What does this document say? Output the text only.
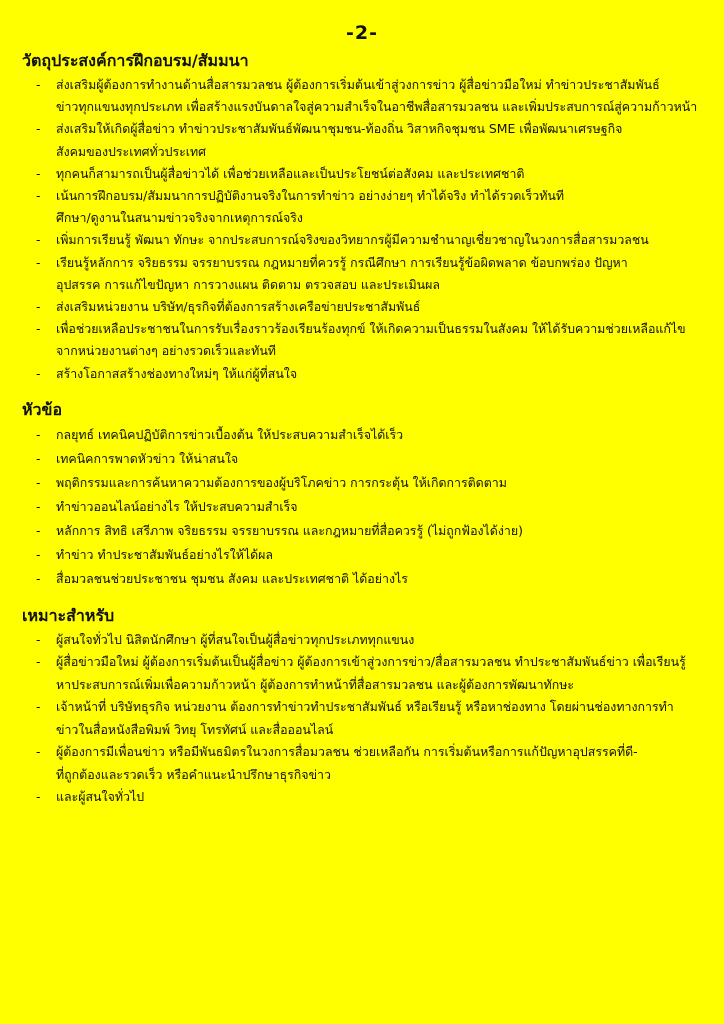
-2-
วัตถุประสงค์การฝึกอบรม/สัมมนา
- ส่งเสริมผู้ต้องการทำงานด้านสื่อสารมวลชน ผู้ต้องการเริ่มต้นเข้าสู่วงการข่าว ผู้สื่อข่าวมือใหม่ ทำข่าวประชาสัมพันธ์
ข่าวทุกแขนงทุกประเภท เพื่อสร้างแรงบันดาลใจสู่ความสำเร็จในอาชีพสื่อสารมวลชน และเพิ่มประสบการณ์สู่ความก้าวหน้า
- ส่งเสริมให้เกิดผู้สื่อข่าว ทำข่าวประชาสัมพันธ์พัฒนาชุมชน-ท้องถิ่น วิสาหกิจชุมชน SME เพื่อพัฒนาเศรษฐกิจ
สังคมของประเทศทั่วประเทศ
- ทุกคนก็สามารถเป็นผู้สื่อข่าวได้ เพื่อช่วยเหลือและเป็นประโยชน์ต่อสังคม และประเทศชาติ
- เน้นการฝึกอบรม/สัมมนาการปฏิบัติงานจริงในการทำข่าว อย่างง่ายๆ ทำได้จริง ทำได้รวดเร็วทันที
ศึกษา/ดูงานในสนามข่าวจริงจากเหตุการณ์จริง
- เพิ่มการเรียนรู้ พัฒนา ทักษะ จากประสบการณ์จริงของวิทยากรผู้มีความชำนาญเชี่ยวชาญในวงการสื่อสารมวลชน
- เรียนรู้หลักการ จริยธรรม จรรยาบรรณ กฎหมายที่ควรรู้ กรณีศึกษา การเรียนรู้ข้อผิดพลาด ข้อบกพร่อง ปัญหา
อุปสรรค การแก้ไขปัญหา การวางแผน ติดตาม ตรวจสอบ และประเมินผล
- ส่งเสริมหน่วยงาน บริษัท/ธุรกิจที่ต้องการสร้างเครือข่ายประชาสัมพันธ์
- เพื่อช่วยเหลือประชาชนในการรับเรื่องราวร้องเรียนร้องทุกข์ ให้เกิดความเป็นธรรมในสังคม ให้ได้รับความช่วยเหลือแก้ไข
จากหน่วยงานต่างๆ อย่างรวดเร็วและทันที
- สร้างโอกาสสร้างช่องทางใหม่ๆ ให้แก่ผู้ที่สนใจ
หัวข้อ
- กลยุทธ์ เทคนิคปฏิบัติการข่าวเบื้องต้น ให้ประสบความสำเร็จได้เร็ว
- เทคนิคการพาดหัวข่าว ให้น่าสนใจ
- พฤติกรรมและการค้นหาความต้องการของผู้บริโภคข่าว การกระตุ้น ให้เกิดการติดตาม
- ทำข่าวออนไลน์อย่างไร ให้ประสบความสำเร็จ
- หลักการ สิทธิ เสรีภาพ จริยธรรม จรรยาบรรณ และกฎหมายที่สื่อควรรู้ (ไม่ถูกฟ้องได้ง่าย)
- ทำข่าว ทำประชาสัมพันธ์อย่างไรให้ได้ผล
- สื่อมวลชนช่วยประชาชน ชุมชน สังคม และประเทศชาติ ได้อย่างไร
เหมาะสำหรับ
- ผู้สนใจทั่วไป นิสิตนักศึกษา ผู้ที่สนใจเป็นผู้สื่อข่าวทุกประเภททุกแขนง
- ผู้สื่อข่าวมือใหม่ ผู้ต้องการเริ่มต้นเป็นผู้สื่อข่าว ผู้ต้องการเข้าสู่วงการข่าว/สื่อสารมวลชน ทำประชาสัมพันธ์ข่าว เพื่อเรียนรู้
หาประสบการณ์เพิ่มเพื่อความก้าวหน้า ผู้ต้องการทำหน้าที่สื่อสารมวลชน และผู้ต้องการพัฒนาทักษะ
- เจ้าหน้าที่ บริษัทธุรกิจ หน่วยงาน ต้องการทำข่าวทำประชาสัมพันธ์ หรือเรียนรู้ หรือหาช่องทาง โดยผ่านช่องทางการทำ
ข่าวในสื่อหนังสือพิมพ์ วิทยุ โทรทัศน์ และสื่อออนไลน์
- ผู้ต้องการมีเพื่อนข่าว หรือมีพันธมิตรในวงการสื่อมวลชน ช่วยเหลือกัน การเริ่มต้นหรือการแก้ปัญหาอุปสรรคที่ดี-
ที่ถูกต้องและรวดเร็ว หรือคำแนะนำปรึกษาธุรกิจข่าว
- และผู้สนใจทั่วไป
